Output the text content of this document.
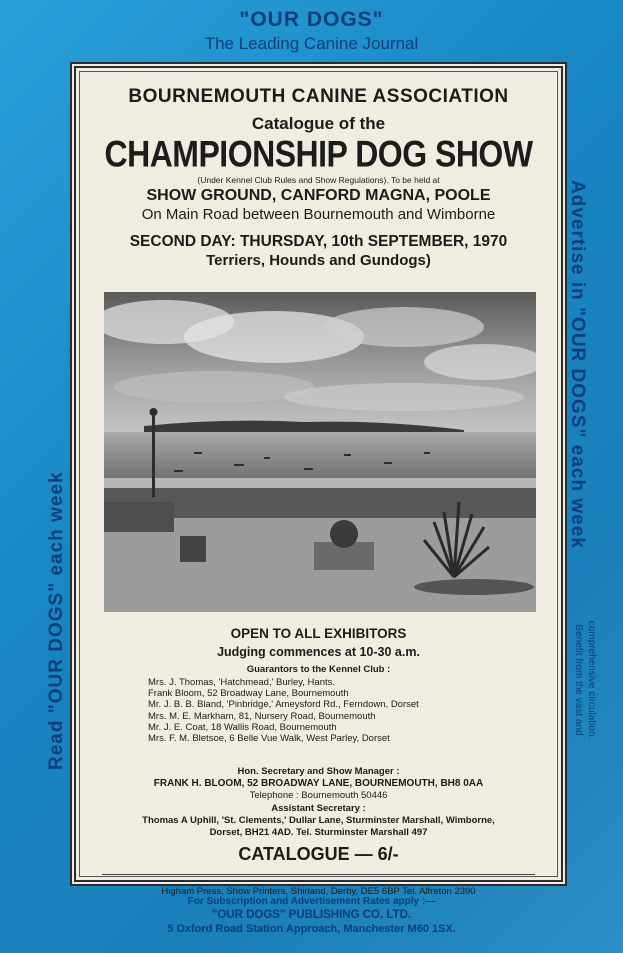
"OUR DOGS"
The Leading Canine Journal
Read "OUR DOGS" each week
Advertise in "OUR DOGS" each week
comprehensive circulation.
Benefit from the vast and
BOURNEMOUTH CANINE ASSOCIATION
Catalogue of the
CHAMPIONSHIP DOG SHOW
(Under Kennel Club Rules and Show Regulations). To be held at
SHOW GROUND, CANFORD MAGNA, POOLE
On Main Road between Bournemouth and Wimborne
SECOND DAY: THURSDAY, 10th SEPTEMBER, 1970
Terriers, Hounds and Gundogs)
OPEN TO ALL EXHIBITORS
Judging commences at 10-30 a.m.
Guarantors to the Kennel Club :
Mrs. J. Thomas, 'Hatchmead,' Burley, Hants.
Frank Bloom, 52 Broadway Lane, Bournemouth
Mr. J. B. B. Bland, 'Pinbridge,' Ameysford Rd., Ferndown, Dorset
Mrs. M. E. Markham, 81, Nursery Road, Bournemouth
Mr. J. E. Coat, 18 Wallis Road, Bournemouth
Mrs. F. M. Bletsoe, 6 Belle Vue Walk, West Parley, Dorset
Hon. Secretary and Show Manager :
FRANK H. BLOOM, 52 BROADWAY LANE, BOURNEMOUTH, BH8 0AA
Telephone : Bournemouth 50446
Assistant Secretary :
Thomas A Uphill, 'St. Clements,' Dullar Lane, Sturminster Marshall, Wimborne,
Dorset, BH21 4AD. Tel. Sturminster Marshall 497
CATALOGUE — 6/-
Higham Press, Show Printers, Shirland, Derby, DE5 6BP Tel. Alfreton 2390
For Subscription and Advertisement Rates apply :—
"OUR DOGS" PUBLISHING CO. LTD.
5 Oxford Road Station Approach, Manchester M60 1SX.
